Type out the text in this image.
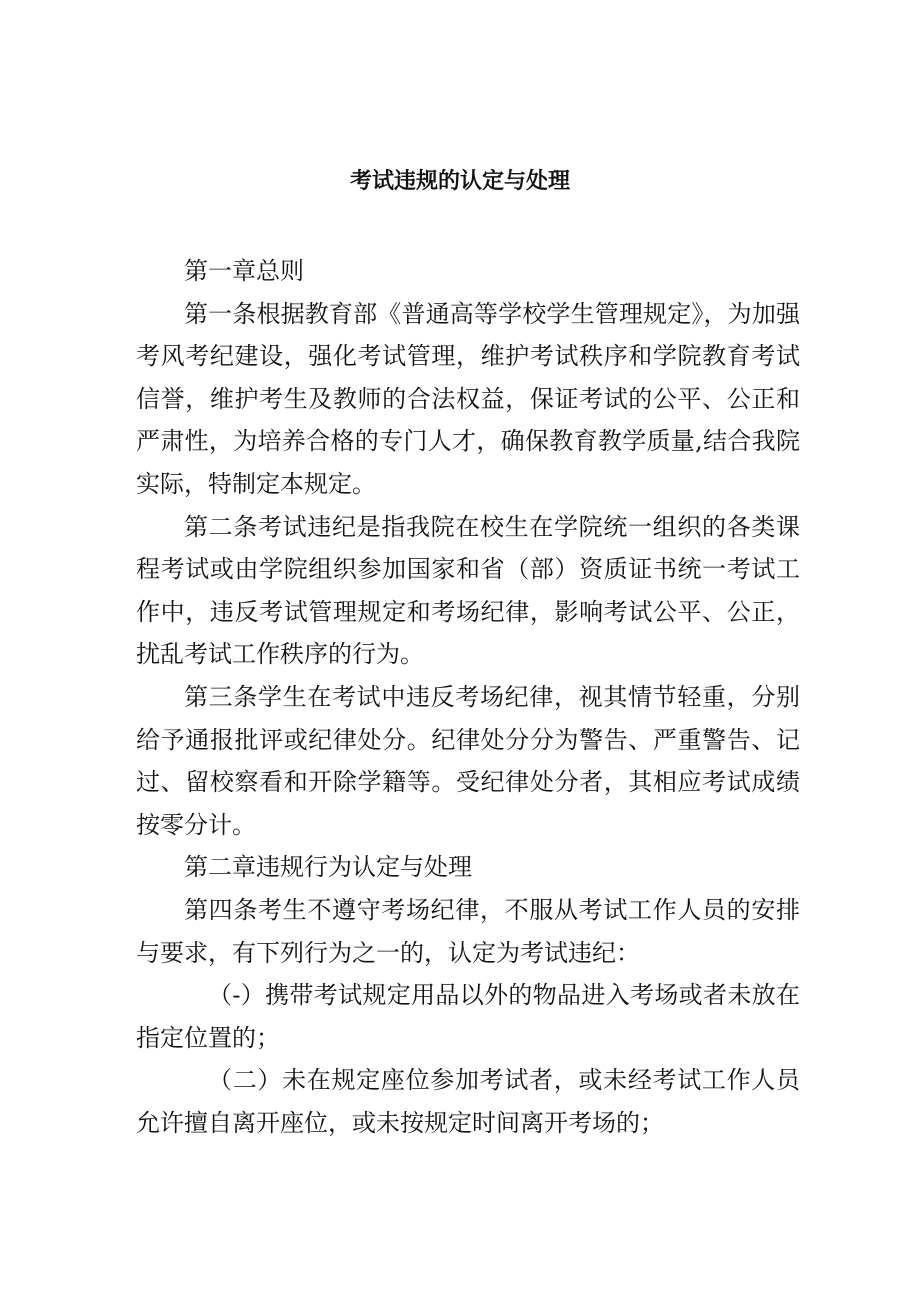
考试违规的认定与处理

第一章总则

第一条根据教育部《普通高等学校学生管理规定》，为加强考风考纪建设，强化考试管理，维护考试秩序和学院教育考试信誉，维护考生及教师的合法权益，保证考试的公平、公正和严肃性，为培养合格的专门人才，确保教育教学质量,结合我院实际，特制定本规定。

第二条考试违纪是指我院在校生在学院统一组织的各类课程考试或由学院组织参加国家和省（部）资质证书统一考试工作中，违反考试管理规定和考场纪律，影响考试公平、公正，扰乱考试工作秩序的行为。

第三条学生在考试中违反考场纪律，视其情节轻重，分别给予通报批评或纪律处分。纪律处分分为警告、严重警告、记过、留校察看和开除学籍等。受纪律处分者，其相应考试成绩按零分计。

第二章违规行为认定与处理

第四条考生不遵守考场纪律，不服从考试工作人员的安排与要求，有下列行为之一的，认定为考试违纪：

（-）携带考试规定用品以外的物品进入考场或者未放在指定位置的；

（二）未在规定座位参加考试者，或未经考试工作人员允许擅自离开座位，或未按规定时间离开考场的；
